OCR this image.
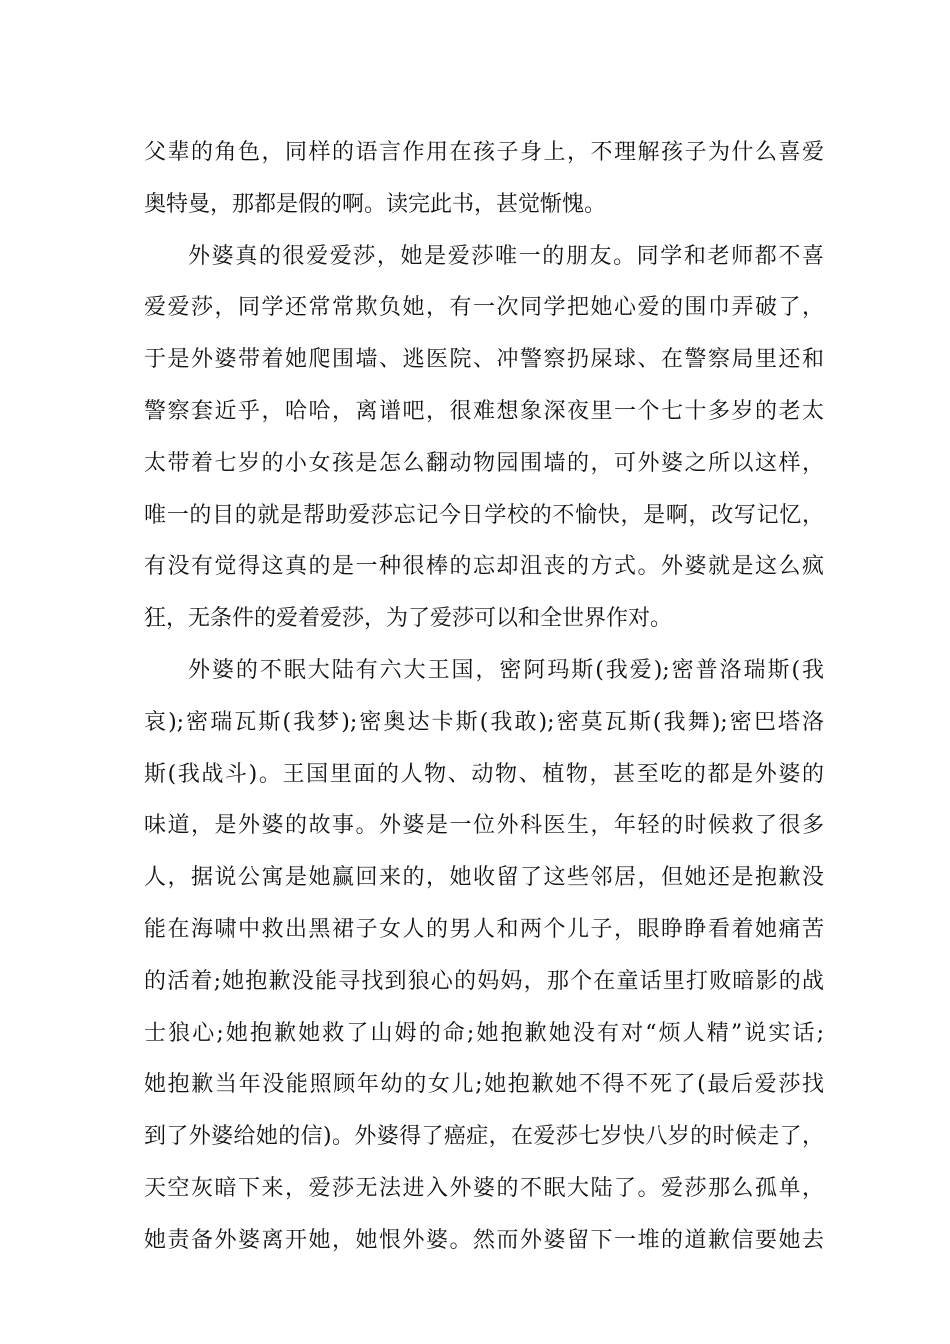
父辈的角色，同样的语言作用在孩子身上，不理解孩子为什么喜爱
奥特曼，那都是假的啊。读完此书，甚觉惭愧。
外婆真的很爱爱莎，她是爱莎唯一的朋友。同学和老师都不喜
爱爱莎，同学还常常欺负她，有一次同学把她心爱的围巾弄破了，
于是外婆带着她爬围墙、逃医院、冲警察扔屎球、在警察局里还和
警察套近乎，哈哈，离谱吧，很难想象深夜里一个七十多岁的老太
太带着七岁的小女孩是怎么翻动物园围墙的，可外婆之所以这样，
唯一的目的就是帮助爱莎忘记今日学校的不愉快，是啊，改写记忆，
有没有觉得这真的是一种很棒的忘却沮丧的方式。外婆就是这么疯
狂，无条件的爱着爱莎，为了爱莎可以和全世界作对。
外婆的不眠大陆有六大王国，密阿玛斯(我爱);密普洛瑞斯(我
哀);密瑞瓦斯(我梦);密奥达卡斯(我敢);密莫瓦斯(我舞);密巴塔洛
斯(我战斗)。王国里面的人物、动物、植物，甚至吃的都是外婆的
味道，是外婆的故事。外婆是一位外科医生，年轻的时候救了很多
人，据说公寓是她赢回来的，她收留了这些邻居，但她还是抱歉没
能在海啸中救出黑裙子女人的男人和两个儿子，眼睁睁看着她痛苦
的活着;她抱歉没能寻找到狼心的妈妈，那个在童话里打败暗影的战
士狼心;她抱歉她救了山姆的命;她抱歉她没有对“烦人精”说实话;
她抱歉当年没能照顾年幼的女儿;她抱歉她不得不死了(最后爱莎找
到了外婆给她的信)。外婆得了癌症，在爱莎七岁快八岁的时候走了，
天空灰暗下来，爱莎无法进入外婆的不眠大陆了。爱莎那么孤单，
她责备外婆离开她，她恨外婆。然而外婆留下一堆的道歉信要她去
